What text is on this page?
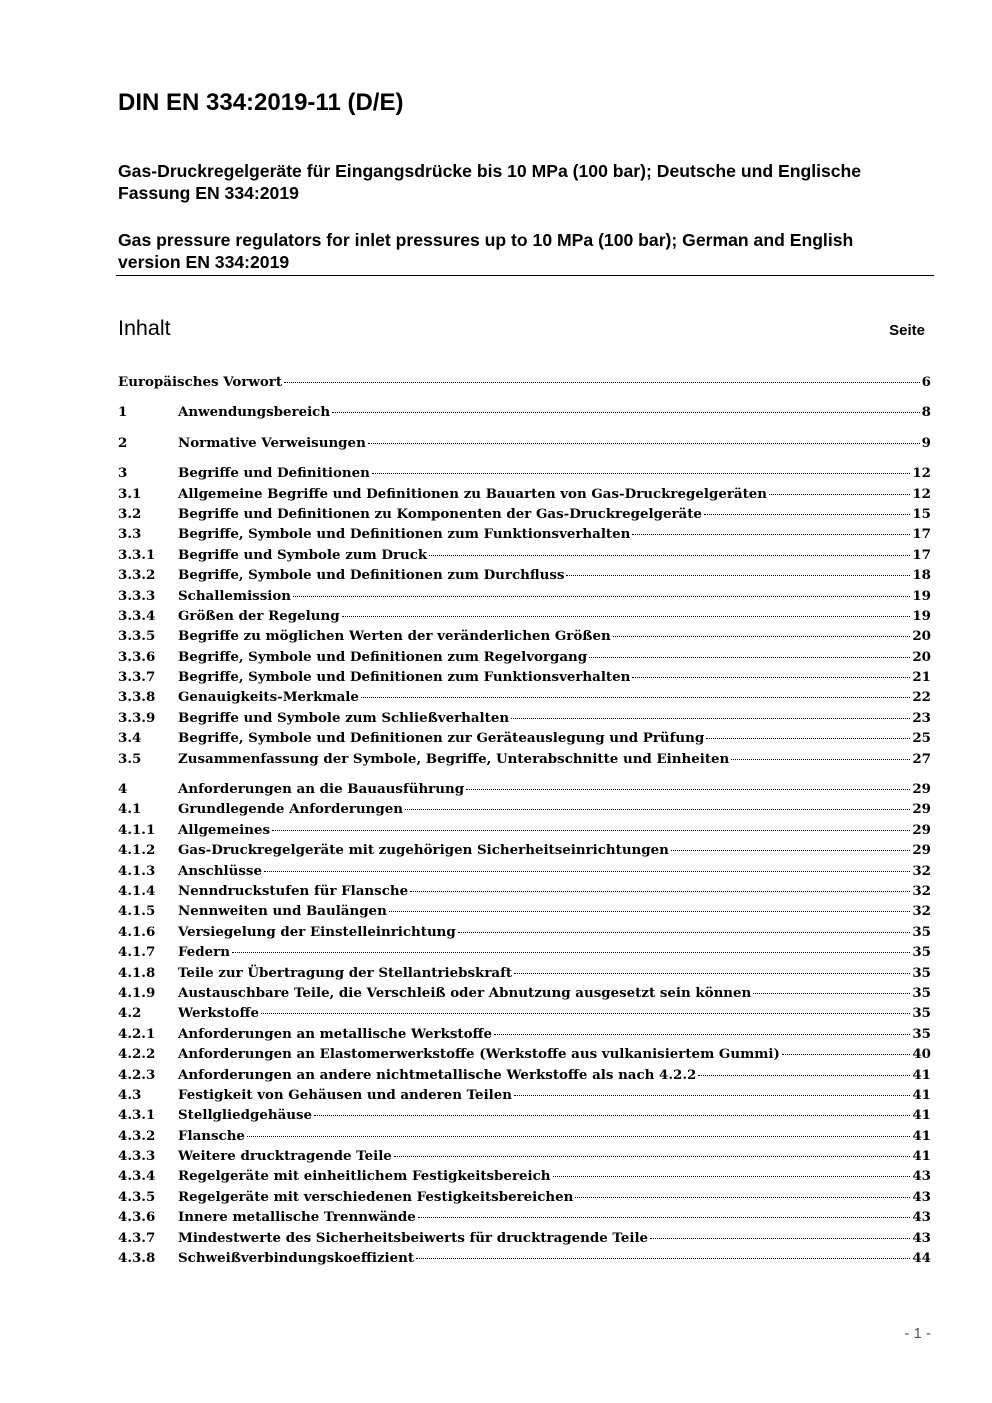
DIN EN 334:2019-11 (D/E)

Gas-Druckregelgeräte für Eingangsdrücke bis 10 MPa (100 bar); Deutsche und Englische Fassung EN 334:2019

Gas pressure regulators for inlet pressures up to 10 MPa (100 bar); German and English version EN 334:2019

Inhalt	Seite
Europäisches Vorwort	6
1	Anwendungsbereich	8
2	Normative Verweisungen	9
3	Begriffe und Definitionen	12
3.1	Allgemeine Begriffe und Definitionen zu Bauarten von Gas-Druckregelgeräten	12
3.2	Begriffe und Definitionen zu Komponenten der Gas-Druckregelgeräte	15
3.3	Begriffe, Symbole und Definitionen zum Funktionsverhalten	17
3.3.1	Begriffe und Symbole zum Druck	17
3.3.2	Begriffe, Symbole und Definitionen zum Durchfluss	18
3.3.3	Schallemission	19
3.3.4	Größen der Regelung	19
3.3.5	Begriffe zu möglichen Werten der veränderlichen Größen	20
3.3.6	Begriffe, Symbole und Definitionen zum Regelvorgang	20
3.3.7	Begriffe, Symbole und Definitionen zum Funktionsverhalten	21
3.3.8	Genauigkeits-Merkmale	22
3.3.9	Begriffe und Symbole zum Schließverhalten	23
3.4	Begriffe, Symbole und Definitionen zur Geräteauslegung und Prüfung	25
3.5	Zusammenfassung der Symbole, Begriffe, Unterabschnitte und Einheiten	27
4	Anforderungen an die Bauausführung	29
4.1	Grundlegende Anforderungen	29
4.1.1	Allgemeines	29
4.1.2	Gas-Druckregelgeräte mit zugehörigen Sicherheitseinrichtungen	29
4.1.3	Anschlüsse	32
4.1.4	Nenndruckstufen für Flansche	32
4.1.5	Nennweiten und Baulängen	32
4.1.6	Versiegelung der Einstelleinrichtung	35
4.1.7	Federn	35
4.1.8	Teile zur Übertragung der Stellantriebskraft	35
4.1.9	Austauschbare Teile, die Verschleiß oder Abnutzung ausgesetzt sein können	35
4.2	Werkstoffe	35
4.2.1	Anforderungen an metallische Werkstoffe	35
4.2.2	Anforderungen an Elastomerwerkstoffe (Werkstoffe aus vulkanisiertem Gummi)	40
4.2.3	Anforderungen an andere nichtmetallische Werkstoffe als nach 4.2.2	41
4.3	Festigkeit von Gehäusen und anderen Teilen	41
4.3.1	Stellgliedgehäuse	41
4.3.2	Flansche	41
4.3.3	Weitere drucktragende Teile	41
4.3.4	Regelgeräte mit einheitlichem Festigkeitsbereich	43
4.3.5	Regelgeräte mit verschiedenen Festigkeitsbereichen	43
4.3.6	Innere metallische Trennwände	43
4.3.7	Mindestwerte des Sicherheitsbeiwerts für drucktragende Teile	43
4.3.8	Schweißverbindungskoeffizient	44
- 1 -
